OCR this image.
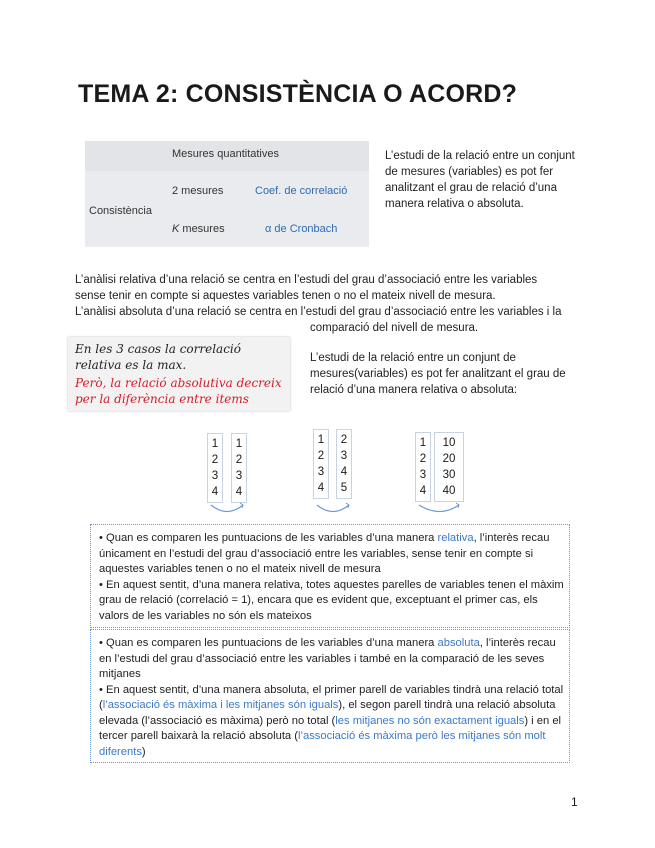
TEMA 2: CONSISTÈNCIA O ACORD?
Mesures quantitatives
Consistència
2 mesures	Coef. de correlació
K mesures	α de Cronbach
L’estudi de la relació entre un conjunt de mesures (variables) es pot fer analitzant el grau de relació d’una manera relativa o absoluta.
L’anàlisi relativa d’una relació se centra en l’estudi del grau d’associació entre les variables
sense tenir en compte si aquestes variables tenen o no el mateix nivell de mesura.
L’anàlisi absoluta d’una relació se centra en l’estudi del grau d’associació entre les variables i la
comparació del nivell de mesura.
En les 3 casos la correlació
relativa es la max.
Però, la relació absolutiva decreix
per la diferència entre items
L’estudi de la relació entre un conjunt de mesures(variables) es pot fer analitzant el grau de relació d’una manera relativa o absoluta:
1
2
3
4
1
2
3
4
1
2
3
4
2
3
4
5
1
2
3
4
10
20
30
40

• Quan es comparen les puntuacions de les variables d’una manera relativa, l’interès recau únicament en l’estudi del grau d’associació entre les variables, sense tenir en compte si aquestes variables tenen o no el mateix nivell de mesura

• En aquest sentit, d’una manera relativa, totes aquestes parelles de variables tenen el màxim grau de relació (correlació = 1), encara que es evident que, exceptuant el primer cas, els valors de les variables no són els mateixos

• Quan es comparen les puntuacions de les variables d’una manera absoluta, l’interès recau en l’estudi del grau d’associació entre les variables i també en la comparació de les seves mitjanes

• En aquest sentit, d’una manera absoluta, el primer parell de variables tindrà una relació total (l’associació és màxima i les mitjanes són iguals), el segon parell tindrà una relació absoluta elevada (l’associació es màxima) però no total (les mitjanes no són exactament iguals) i en el tercer parell baixarà la relació absoluta (l’associació és màxima però les mitjanes són molt diferents)

1
